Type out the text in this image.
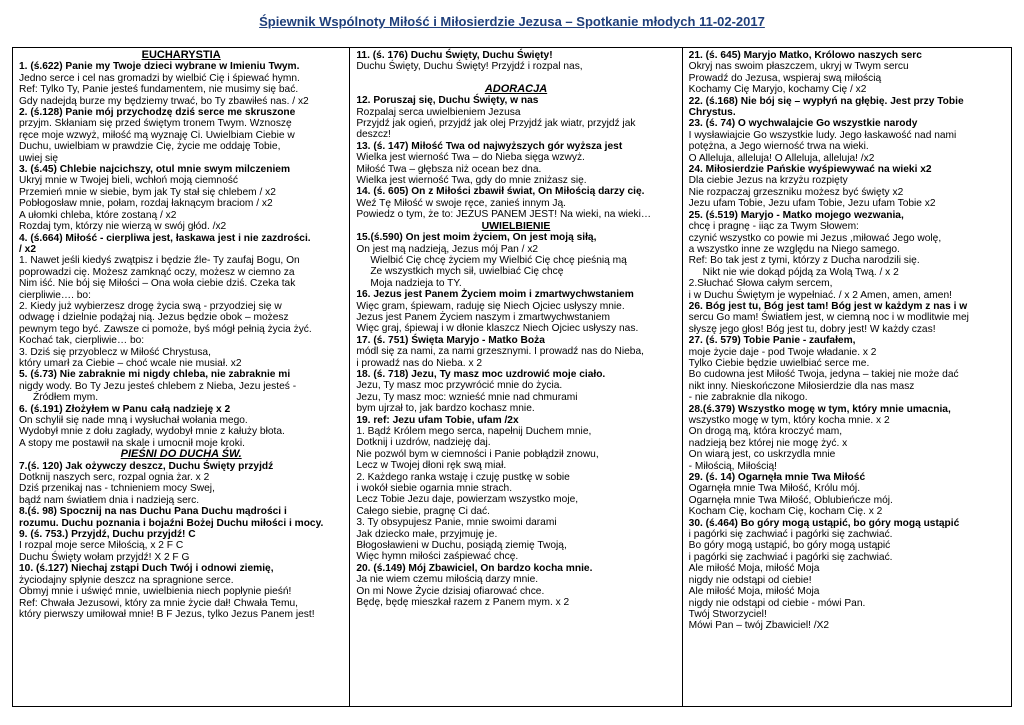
Śpiewnik Wspólnoty Miłość i Miłosierdzie Jezusa – Spotkanie młodych 11-02-2017
EUCHARYSTIA
1. (ś.622) Panie my Twoje dzieci wybrane w Imieniu Twym.
Jedno serce i cel nas gromadzi by wielbić Cię i śpiewać hymn.
Ref: Tylko Ty, Panie jesteś fundamentem, nie musimy się bać.
Gdy nadejdą burze my będziemy trwać, bo Ty zbawiłeś nas. / x2
2. (ś.128) Panie mój przychodzę dziś serce me skruszone
przyjm. Skłaniam się przed świętym tronem Twym. Wznoszę
ręce moje wzwyż, miłość mą wyznaję Ci. Uwielbiam Ciebie w
Duchu, uwielbiam w prawdzie Cię, życie me oddaję Tobie,
uwiej się
3. (ś.45) Chlebie najcichszy, otul mnie swym milczeniem
Ukryj mnie w Twojej bieli, wchłoń moją ciemność
Przemień mnie w siebie, bym jak Ty stał się chlebem / x2
Pobłogosław mnie, połam, rozdaj łaknącym braciom / x2
A ułomki chleba, które zostaną / x2
Rozdaj tym, którzy nie wierzą w swój głód. /x2
4. (ś.664) Miłość - cierpliwa jest, łaskawa jest i nie zazdrości.
/ x2
1. Nawet jeśli kiedyś zwątpisz i będzie źle- Ty zaufaj Bogu, On
poprowadzi cię. Możesz zamknąć oczy, możesz w ciemno za
Nim iść. Nie bój się Miłości – Ona woła ciebie dziś. Czeka tak
cierpliwie…. bo:
2. Kiedy już wybierzesz drogę życia swą - przyodziej się w
odwagę i dzielnie podążaj nią. Jezus będzie obok – możesz
pewnym tego być. Zawsze ci pomoże, byś mógł pełnią życia żyć.
Kochać tak, cierpliwie… bo:
3. Dziś się przyoblecz w Miłość Chrystusa,
który umarł za Ciebie – choć wcale nie musiał. x2
5. (ś.73) Nie zabraknie mi nigdy chleba, nie zabraknie mi
nigdy wody. Bo Ty Jezu jesteś chlebem z Nieba, Jezu jesteś -
Źródłem mym.
6. (ś.191) Złożyłem w Panu całą nadzieję x 2
On schylił się nade mną i wysłuchał wołania mego.
Wydobył mnie z dołu zagłady, wydobył mnie z kałuży błota.
A stopy me postawił na skale i umocnił moje kroki.
PIEŚNI DO DUCHA ŚW.
7.(ś. 120) Jak ożywczy deszcz, Duchu Święty przyjdź
Dotknij naszych serc, rozpal ognia żar. x 2
Dziś przenikaj nas - tchnieniem mocy Swej,
bądź nam światłem dnia i nadzieją serc.
8.(ś. 98) Spocznij na nas Duchu Pana Duchu mądrości i
rozumu. Duchu poznania i bojaźni Bożej Duchu miłości i mocy.
9. (ś. 753.) Przyjdź, Duchu przyjdź! C
I rozpal moje serce Miłością, x 2 F C
Duchu Święty wołam przyjdź! X 2 F G
10. (ś.127) Niechaj zstąpi Duch Twój i odnowi ziemię,
życiodajny spłynie deszcz na spragnione serce.
Obmyj mnie i uświęć mnie, uwielbienia niech popłynie pieśń!
Ref: Chwała Jezusowi, który za mnie życie dał! Chwała Temu,
który pierwszy umiłował mnie! B F Jezus, tylko Jezus Panem jest!
11. (ś. 176) Duchu Święty, Duchu Święty!
Duchu Święty, Duchu Święty! Przyjdź i rozpal nas,
ADORACJA
12. Poruszaj się, Duchu Święty, w nas
Rozpalaj serca uwielbieniem Jezusa
Przyjdź jak ogień, przyjdź jak olej Przyjdź jak wiatr, przyjdź jak
deszcz!
13. (ś. 147) Miłość Twa od najwyższych gór wyższa jest
Wielka jest wierność Twa – do Nieba sięga wzwyż.
Miłość Twa – głębsza niż ocean bez dna.
Wielka jest wierność Twa, gdy do mnie zniżasz się.
14. (ś. 605) On z Miłości zbawił świat, On Miłością darzy cię.
Weź Tę Miłość w swoje ręce, zanieś innym Ją.
Powiedz o tym, że to: JEZUS PANEM JEST! Na wieki, na wieki…
UWIELBIENIE
15.(ś.590) On jest moim życiem, On jest moją siłą,
On jest mą nadzieją, Jezus mój Pan / x2
Wielbić Cię chcę życiem my Wielbić Cię chcę pieśnią mą
Ze wszystkich mych sił, uwielbiać Cię chcę
Moja nadzieja to TY.
16. Jezus jest Panem Życiem moim i zmartwychwstaniem
Więc gram, śpiewam, raduję się Niech Ojciec usłyszy mnie.
Jezus jest Panem Życiem naszym i zmartwychwstaniem
Więc graj, śpiewaj i w dłonie klaszcz Niech Ojciec usłyszy nas.
17. (ś. 751) Święta Maryjo - Matko Boża
módl się za nami, za nami grzesznymi. I prowadź nas do Nieba,
i prowadź nas do Nieba. x 2
18. (ś. 718) Jezu, Ty masz moc uzdrowić moje ciało.
Jezu, Ty masz moc przywrócić mnie do życia.
Jezu, Ty masz moc: wznieść mnie nad chmurami
bym ujrzał to, jak bardzo kochasz mnie.
19. ref: Jezu ufam Tobie, ufam /2x
1. Bądź Królem mego serca, napełnij Duchem mnie,
Dotknij i uzdrów, nadzieję daj.
Nie pozwól bym w ciemności i Panie pobłądził znowu,
Lecz w Twojej dłoni ręk swą miał.
2. Każdego ranka wstaję i czuję pustkę w sobie
i wokół siebie ogarnia mnie strach.
Lecz Tobie Jezu daje, powierzam wszystko moje,
Całego siebie, pragnę Ci dać.
3. Ty obsypujesz Panie, mnie swoimi darami
Jak dziecko małe, przyjmuję je.
Błogosławieni w Duchu, posiądą ziemię Twoją,
Więc hymn miłości zaśpiewać chcę.
20. (ś.149) Mój Zbawiciel, On bardzo kocha mnie.
Ja nie wiem czemu miłością darzy mnie.
On mi Nowe Życie dzisiaj ofiarować chce.
Będę, będę mieszkał razem z Panem mym. x 2
21. (ś. 645) Maryjo Matko, Królowo naszych serc
Okryj nas swoim płaszczem, ukryj w Twym sercu
Prowadź do Jezusa, wspieraj swą miłością
Kochamy Cię Maryjo, kochamy Cię / x2
22. (ś.168) Nie bój się – wypłyń na głębię. Jest przy Tobie
Chrystus.
23. (ś. 74) O wychwalajcie Go wszystkie narody
I wysławiajcie Go wszystkie ludy. Jego łaskawość nad nami
potężna, a Jego wierność trwa na wieki.
O Alleluja, alleluja! O Alleluja, alleluja! /x2
24. Miłosierdzie Pańskie wyśpiewywać na wieki x2
Dla ciebie Jezus na krzyżu rozpięty
Nie rozpaczaj grzeszniku możesz być święty x2
Jezu ufam Tobie, Jezu ufam Tobie, Jezu ufam Tobie x2
25. (ś.519) Maryjo - Matko mojego wezwania,
chcę i pragnę - iiąc za Twym Słowem:
czynić wszystko co powie mi Jezus ,miłować Jego wolę,
a wszystko inne ze względu na Niego samego.
Ref: Bo tak jest z tymi, którzy z Ducha narodzili się.
Nikt nie wie dokąd pójdą za Wolą Twą. / x 2
2.Słuchać Słowa całym sercem,
i w Duchu Świętym je wypełniać. / x 2 Amen, amen, amen!
26. Bóg jest tu, Bóg jest tam! Bóg jest w każdym z nas i w
sercu Go mam! Światłem jest, w ciemną noc i w modlitwie mej
słyszę jego głos! Bóg jest tu, dobry jest! W każdy czas!
27. (ś. 579) Tobie Panie - zaufałem,
moje życie daje - pod Twoje władanie. x 2
Tylko Ciebie będzie uwielbiać serce me.
Bo cudowna jest Miłość Twoja, jedyna – takiej nie może dać
nikt inny. Nieskończone Miłosierdzie dla nas masz
- nie zabraknie dla nikogo.
28.(ś.379) Wszystko mogę w tym, który mnie umacnia,
wszystko mogę w tym, który kocha mnie. x 2
On drogą mą, która kroczyć mam,
nadzieją bez której nie mogę żyć. x
On wiarą jest, co uskrzydla mnie
- Miłością, Miłością!
29. (ś. 14) Ogarnęła mnie Twa Miłość
Ogarnęła mnie Twa Miłość, Królu mój.
Ogarnęła mnie Twa Miłość, Oblubieńcze mój.
Kocham Cię, kocham Cię, kocham Cię. x 2
30. (ś.464) Bo góry mogą ustąpić, bo góry mogą ustąpić
i pagórki się zachwiać i pagórki się zachwiać.
Bo góry mogą ustąpić, bo góry mogą ustąpić
i pagórki się zachwiać i pagórki się zachwiać.
Ale miłość Moja, miłość Moja
nigdy nie odstąpi od ciebie!
Ale miłość Moja, miłość Moja
nigdy nie odstąpi od ciebie - mówi Pan.
Twój Stworzyciel!
Mówi Pan – twój Zbawiciel! /X2
